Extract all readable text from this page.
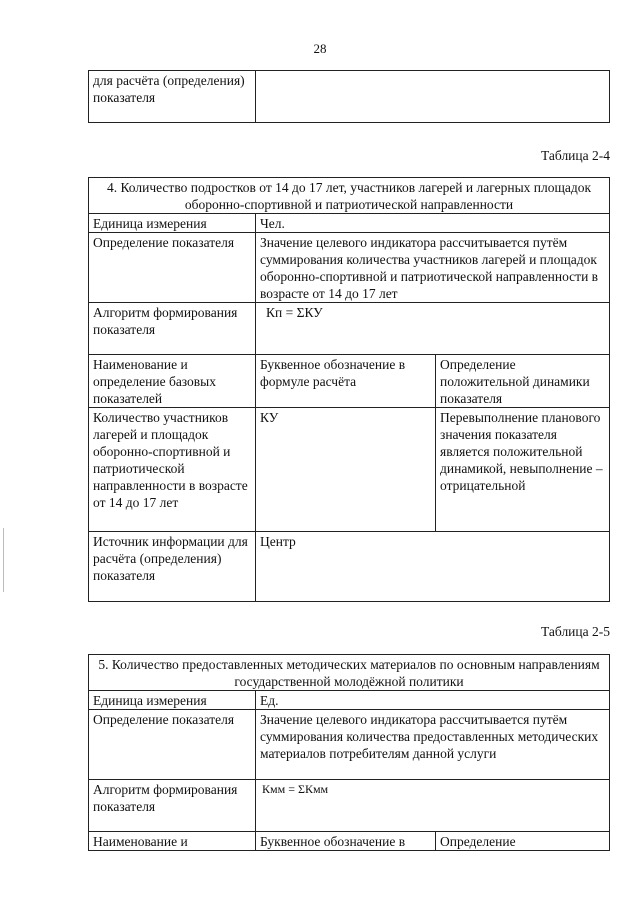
28
для расчёта (определения) показателя	
Таблица 2-4
4. Количество подростков от 14 до 17 лет, участников лагерей и лагерных площадок оборонно-спортивной и патриотической направленности		
Единица измерения	Чел.	
Определение показателя	Значение целевого индикатора рассчитывается путём суммирования количества участников лагерей и площадок оборонно-спортивной и патриотической направленности в возрасте от 14 до 17 лет	
Алгоритм формирования показателя	Кп = ΣКУ	
Наименование и определение базовых показателей	Буквенное обозначение в формуле расчёта	Определение положительной динамики показателя
Количество участников лагерей и площадок оборонно-спортивной и патриотической направленности в возрасте от 14 до 17 лет	КУ	Перевыполнение планового значения показателя является положительной динамикой, невыполнение – отрицательной
Источник информации для расчёта (определения) показателя	Центр	
Таблица 2-5
5. Количество предоставленных методических материалов по основным направлениям государственной молодёжной политики		
Единица измерения	Ед.	
Определение показателя	Значение целевого индикатора рассчитывается путём суммирования количества предоставленных методических материалов потребителям данной услуги	
Алгоритм формирования показателя	Кмм = ΣКмм	
Наименование и	Буквенное обозначение в	Определение
